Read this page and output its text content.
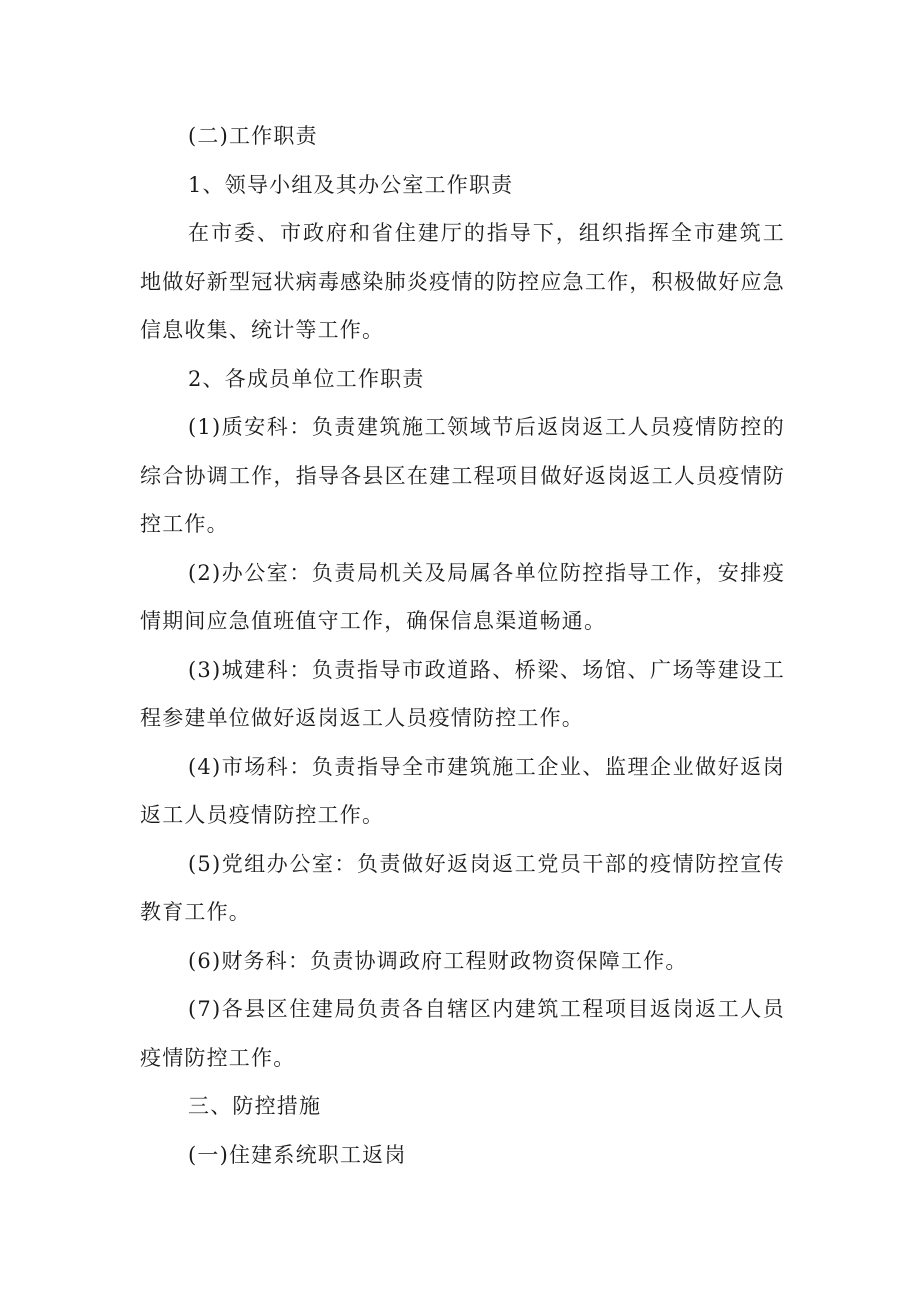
(二)工作职责

1、领导小组及其办公室工作职责

在市委、市政府和省住建厅的指导下，组织指挥全市建筑工地做好新型冠状病毒感染肺炎疫情的防控应急工作，积极做好应急信息收集、统计等工作。

2、各成员单位工作职责

(1)质安科：负责建筑施工领域节后返岗返工人员疫情防控的综合协调工作，指导各县区在建工程项目做好返岗返工人员疫情防控工作。

(2)办公室：负责局机关及局属各单位防控指导工作，安排疫情期间应急值班值守工作，确保信息渠道畅通。

(3)城建科：负责指导市政道路、桥梁、场馆、广场等建设工程参建单位做好返岗返工人员疫情防控工作。

(4)市场科：负责指导全市建筑施工企业、监理企业做好返岗返工人员疫情防控工作。

(5)党组办公室：负责做好返岗返工党员干部的疫情防控宣传教育工作。

(6)财务科：负责协调政府工程财政物资保障工作。

(7)各县区住建局负责各自辖区内建筑工程项目返岗返工人员疫情防控工作。

三、防控措施

(一)住建系统职工返岗
